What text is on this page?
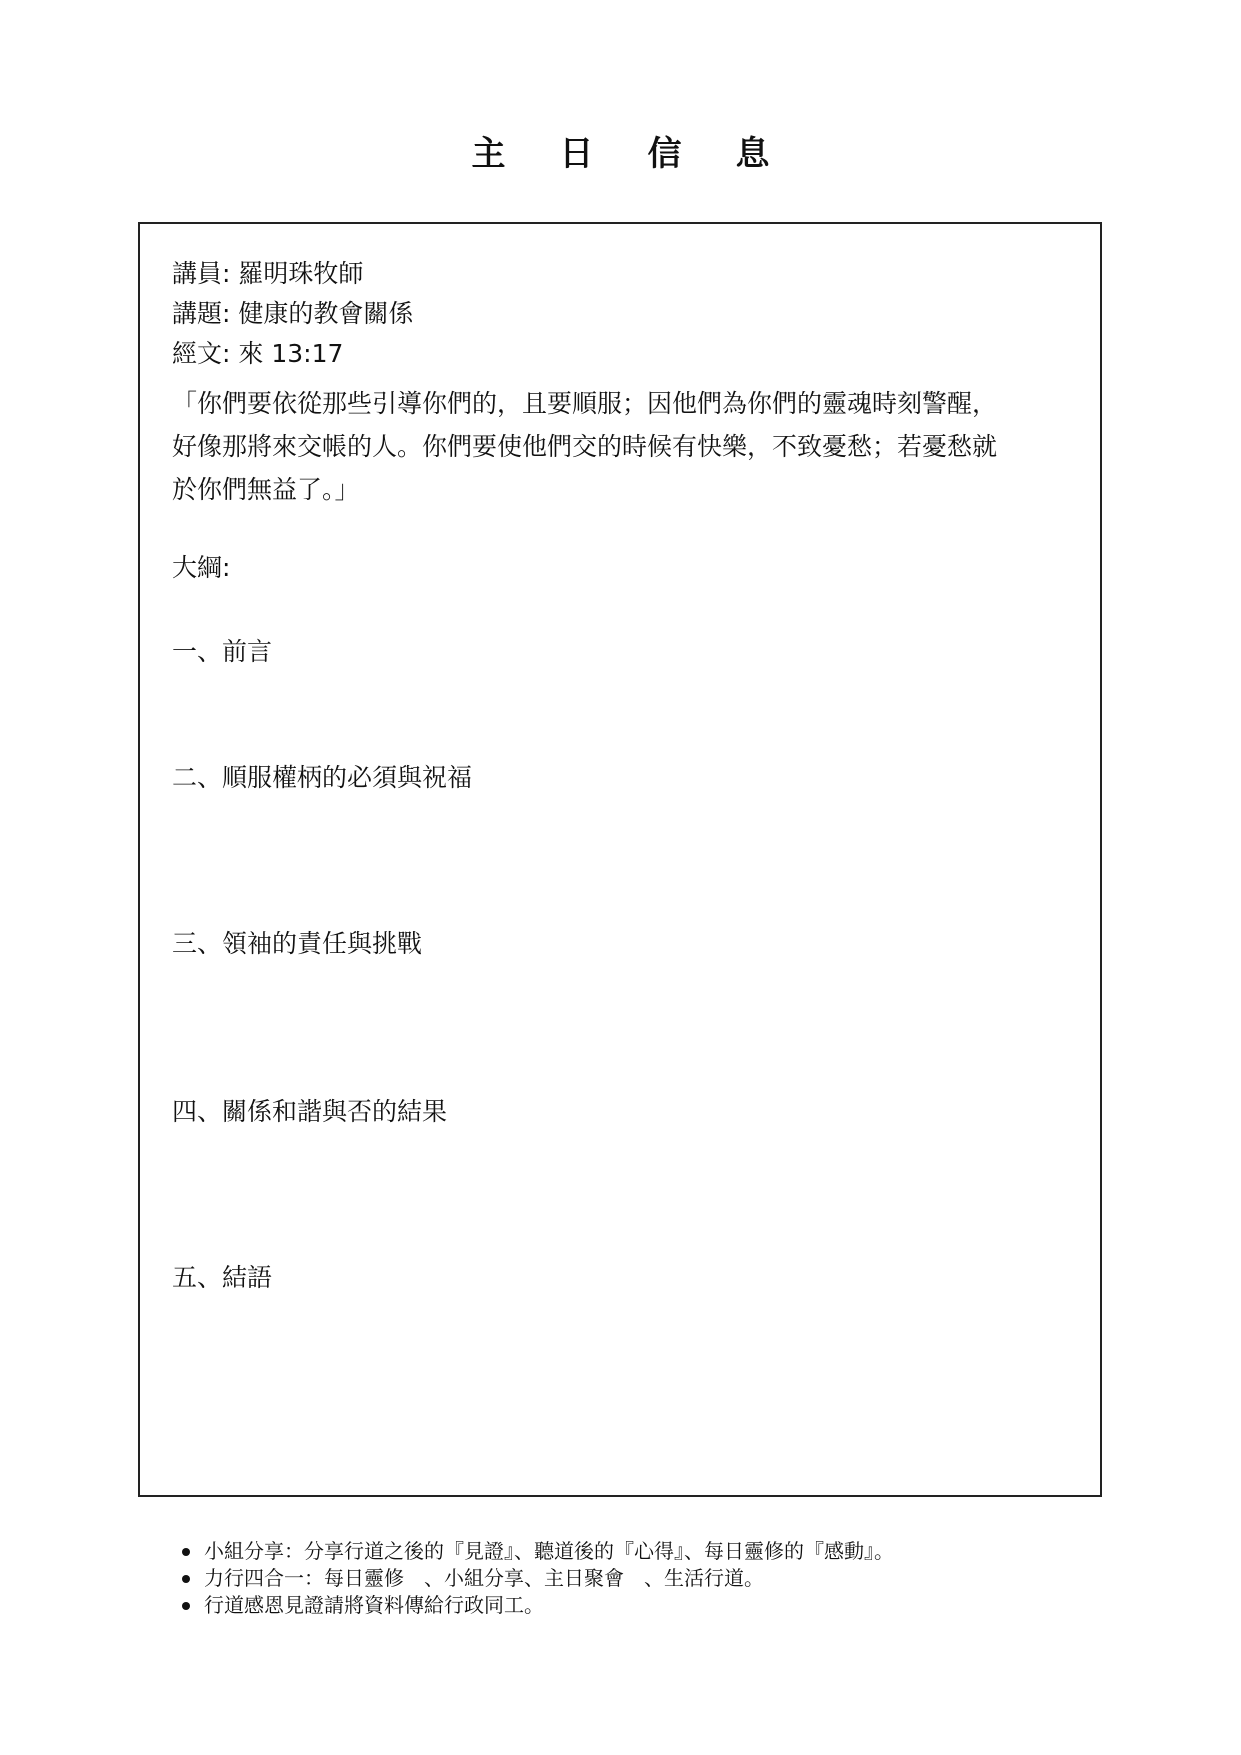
主日信息
講員: 羅明珠牧師
講題: 健康的教會關係
經文: 來 13:17
「你們要依從那些引導你們的，且要順服；因他們為你們的靈魂時刻警醒，
好像那將來交帳的人。你們要使他們交的時候有快樂，不致憂愁；若憂愁就
於你們無益了。」
大綱:
一、前言
二、順服權柄的必須與祝福
三、領袖的責任與挑戰
四、關係和諧與否的結果
五、結語
小組分享：分享行道之後的『見證』、聽道後的『心得』、每日靈修的『感動』。
力行四合一：每日靈修　、小組分享、主日聚會　、生活行道。
行道感恩見證請將資料傳給行政同工。
